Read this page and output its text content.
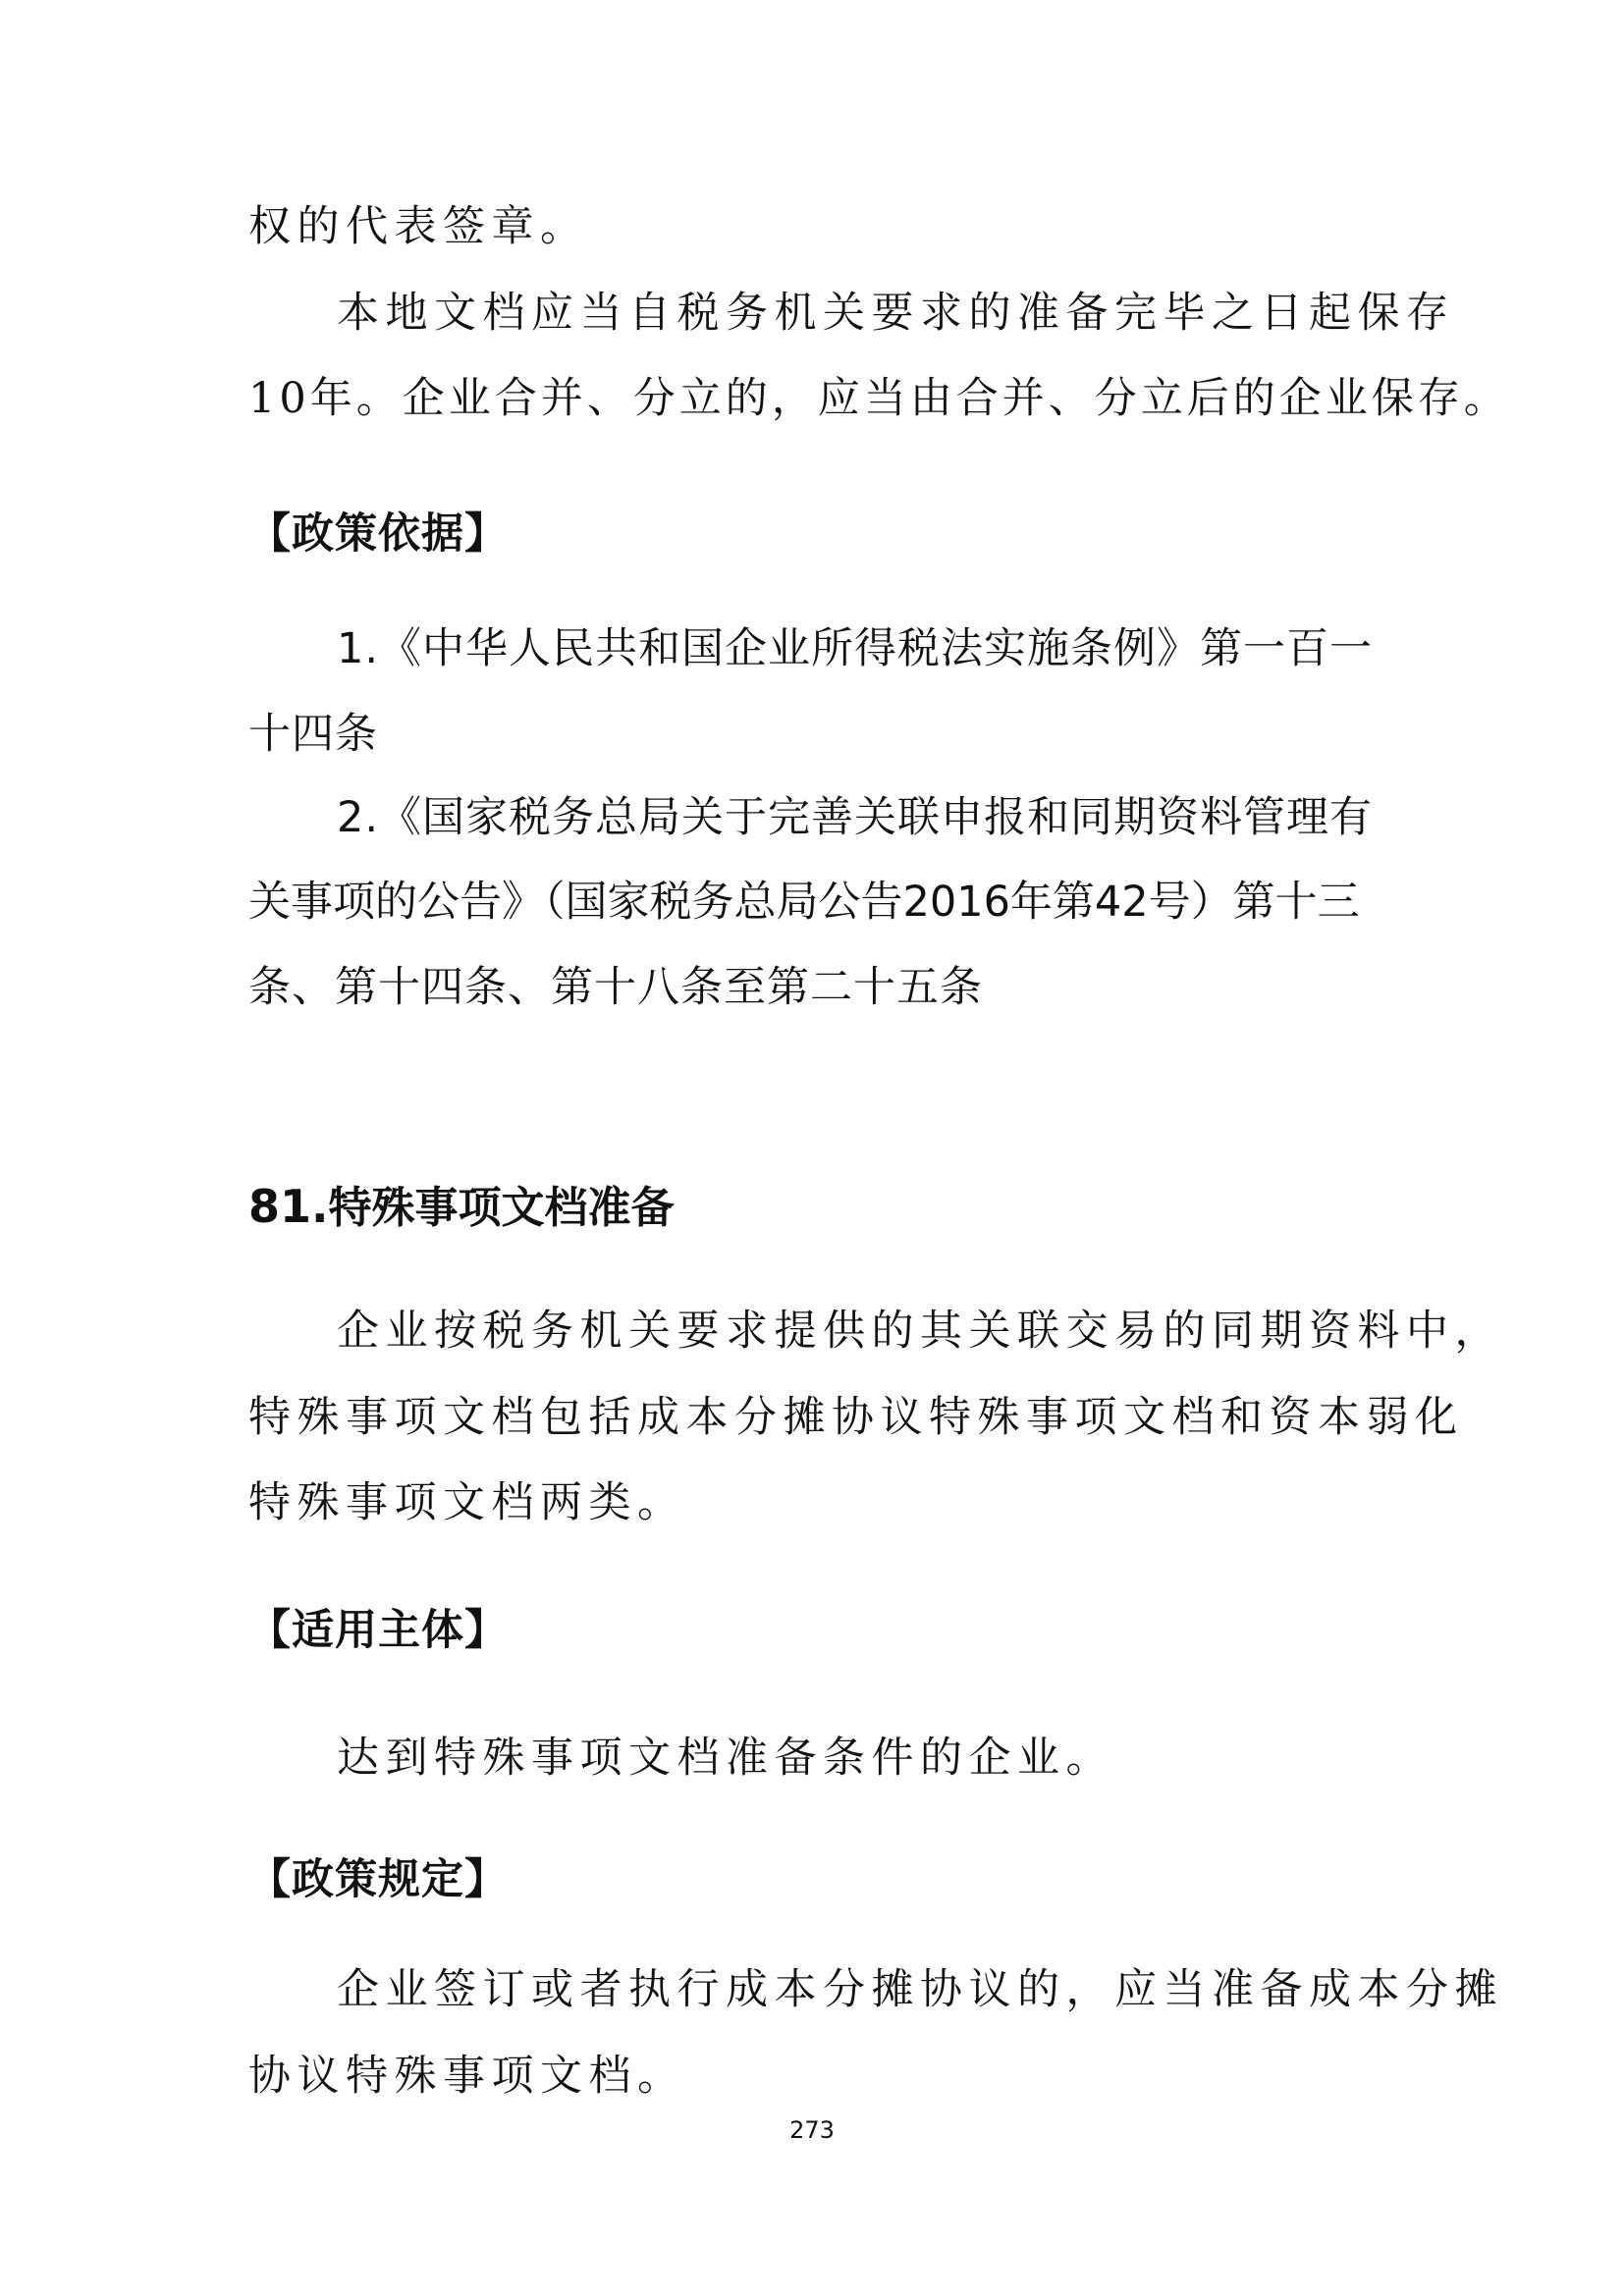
权的代表签章。
本地文档应当自税务机关要求的准备完毕之日起保存
10年。企业合并、分立的，应当由合并、分立后的企业保存。
【政策依据】
1.《中华人民共和国企业所得税法实施条例》第一百一
十四条
2.《国家税务总局关于完善关联申报和同期资料管理有
关事项的公告》（国家税务总局公告2016年第42号）第十三
条、第十四条、第十八条至第二十五条
81.特殊事项文档准备
企业按税务机关要求提供的其关联交易的同期资料中，
特殊事项文档包括成本分摊协议特殊事项文档和资本弱化
特殊事项文档两类。
【适用主体】
达到特殊事项文档准备条件的企业。
【政策规定】
企业签订或者执行成本分摊协议的，应当准备成本分摊
协议特殊事项文档。
273
